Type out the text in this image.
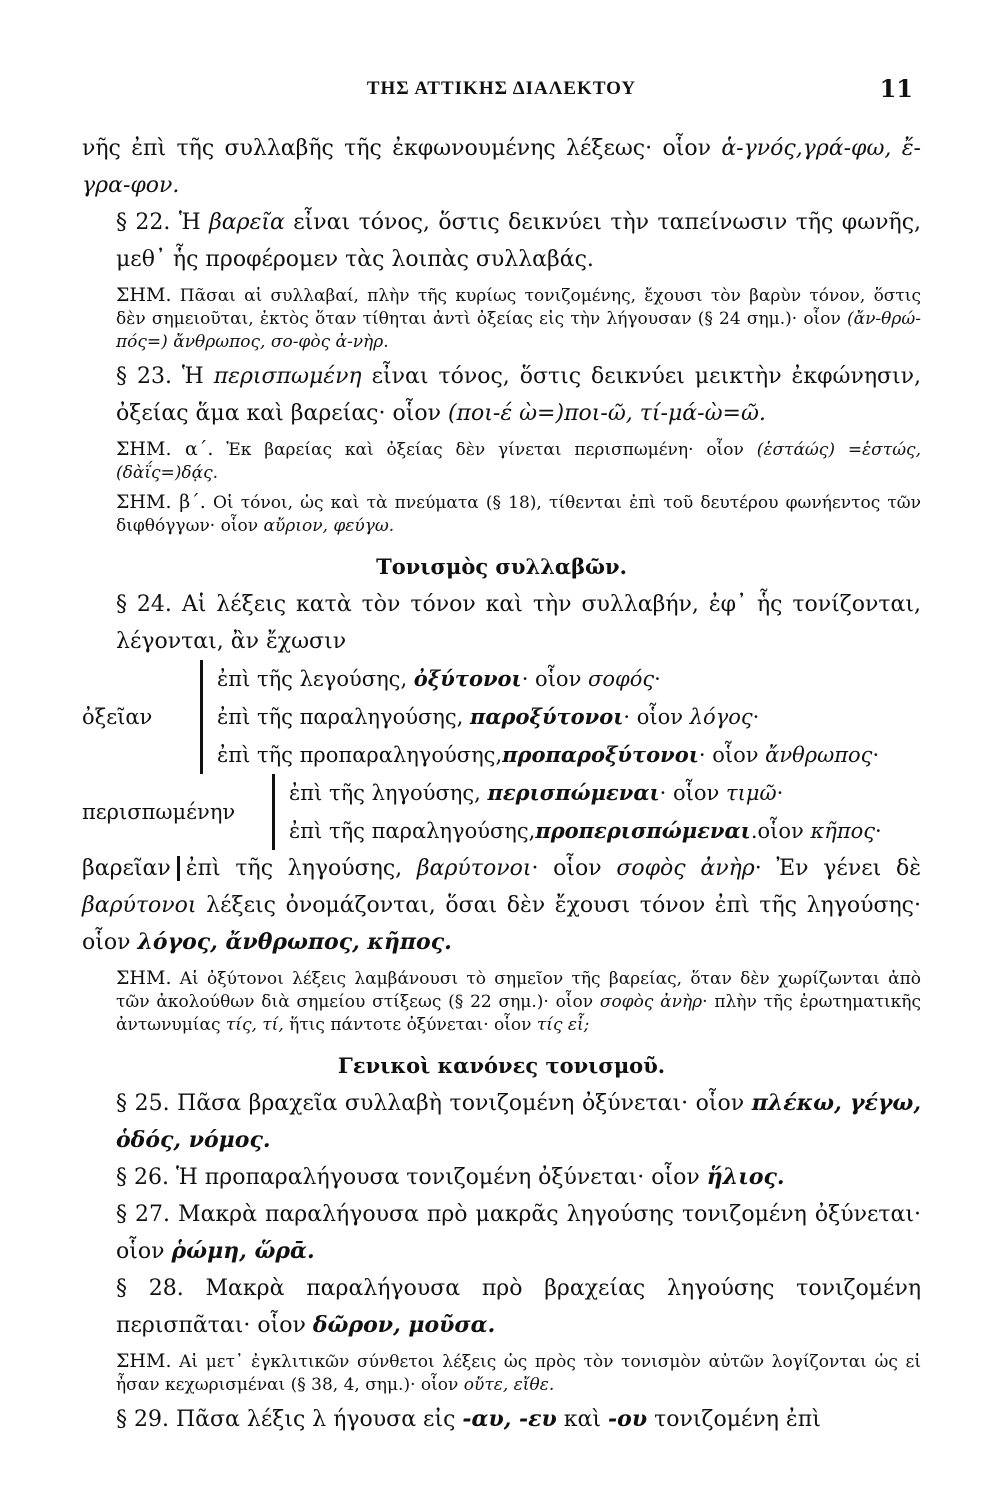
ΤΗΣ ΑΤΤΙΚΗΣ ΔΙΑΛΕΚΤΟΥ	11

νῆς ἐπὶ τῆς συλλαβῆς τῆς ἐκφωνουμένης λέξεως· οἷον ἁ-γνός,γρά-φω, ἔ-γρα-φον.

§ 22. Ἡ βαρεῖα εἶναι τόνος, ὅστις δεικνύει τὴν ταπείνωσιν τῆς φωνῆς, μεθ᾽ ἧς προφέρομεν τὰς λοιπὰς συλλαβάς.

ΣΗΜ. Πᾶσαι αἱ συλλαβαί, πλὴν τῆς κυρίως τονιζομένης, ἔχουσι τὸν βαρὺν τόνον, ὅστις δὲν σημειοῦται, ἐκτὸς ὅταν τίθηται ἀντὶ ὀξείας εἰς τὴν λήγουσαν (§ 24 σημ.)· οἷον (ἄν-θρώ-πός=) ἄνθρωπος, σο-φὸς ἀ-νὴρ.

§ 23. Ἡ περισπωμένη εἶναι τόνος, ὅστις δεικνύει μεικτὴν ἐκφώνησιν, ὀξείας ἅμα καὶ βαρείας· οἷον (ποι-έ ὼ=)ποι-ῶ, τί-μά-ὼ=ῶ.

ΣΗΜ. α΄. Ἐκ βαρείας καὶ ὀξείας δὲν γίνεται περισπωμένη· οἷον (ἑστάώς) =ἑστώς, (δὰΐς=)δᾴς.

ΣΗΜ. β΄. Οἱ τόνοι, ὡς καὶ τὰ πνεύματα (§ 18), τίθενται ἐπὶ τοῦ δευτέρου φωνήεντος τῶν διφθόγγων· οἷον αὔριον, φεύγω.

Τονισμὸς συλλαβῶν.

§ 24. Αἱ λέξεις κατὰ τὸν τόνον καὶ τὴν συλλαβήν, ἐφ᾽ ἧς τονίζονται, λέγονται, ἂν ἔχωσιν

ὀξεῖαν
ἐπὶ τῆς λεγούσης, ὀξύτονοι· οἷον σοφός·
ἐπὶ τῆς παραληγούσης, παροξύτονοι· οἷον λόγος·
ἐπὶ τῆς προπαραληγούσης,προπαροξύτονοι· οἷον ἄνθρωπος·
περισπωμένην
ἐπὶ τῆς ληγούσης, περισπώμεναι· οἷον τιμῶ·
ἐπὶ τῆς παραληγούσης,προπερισπώμεναι.οἷον κῆπος·

βαρεῖαν ἐπὶ τῆς ληγούσης, βαρύτονοι· οἷον σοφὸς ἀνὴρ· Ἐν γένει δὲ βαρύτονοι λέξεις ὀνομάζονται, ὅσαι δὲν ἔχουσι τόνον ἐπὶ τῆς ληγούσης· οἷον λόγος, ἄνθρωπος, κῆπος.

ΣΗΜ. Αἱ ὀξύτονοι λέξεις λαμβάνουσι τὸ σημεῖον τῆς βαρείας, ὅταν δὲν χωρίζωνται ἀπὸ τῶν ἀκολούθων διὰ σημείου στίξεως (§ 22 σημ.)· οἷον σοφὸς ἀνὴρ· πλὴν τῆς ἐρωτηματικῆς ἀντωνυμίας τίς, τί, ἥτις πάντοτε ὀξύνεται· οἷον τίς εἶ;

Γενικοὶ κανόνες τονισμοῦ.

§ 25. Πᾶσα βραχεῖα συλλαβὴ τονιζομένη ὀξύνεται· οἷον πλέκω, γέγω, ὁδός, νόμος.

§ 26. Ἡ προπαραλήγουσα τονιζομένη ὀξύνεται· οἷον ἥλιος.

§ 27. Μακρὰ παραλήγουσα πρὸ μακρᾶς ληγούσης τονιζομένη ὀξύνεται· οἷον ῥώμη, ὥρᾱ.

§ 28. Μακρὰ παραλήγουσα πρὸ βραχείας ληγούσης τονιζομένη περισπᾶται· οἷον δῶρον, μοῦσα.

ΣΗΜ. Αἱ μετ᾽ ἐγκλιτικῶν σύνθετοι λέξεις ὡς πρὸς τὸν τονισμὸν αὐτῶν λογίζονται ὡς εἰ ἦσαν κεχωρισμέναι (§ 38, 4, σημ.)· οἷον οὔτε, εἴθε.

§ 29. Πᾶσα λέξις λ ήγουσα εἰς -αυ, -ευ καὶ -ου τονιζομένη ἐπὶ
